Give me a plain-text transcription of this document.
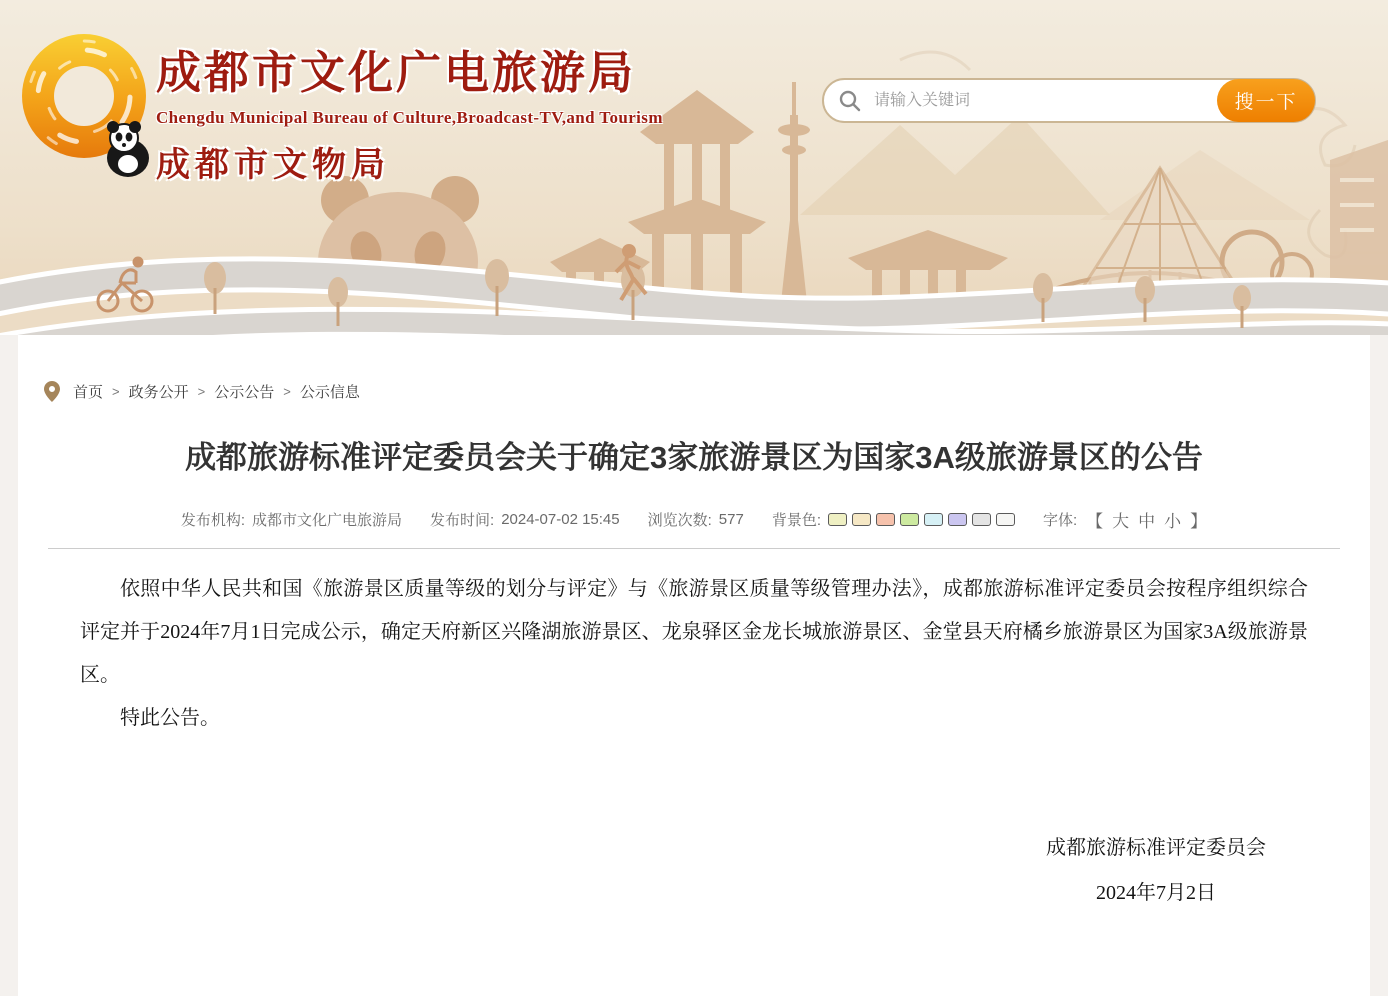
成都市文化广电旅游局
Chengdu Municipal Bureau of Culture,Broadcast-TV,and Tourism
成都市文物局
请输入关键词
搜一下
首页 > 政务公开 > 公示公告 > 公示信息
成都旅游标准评定委员会关于确定3家旅游景区为国家3A级旅游景区的公告
发布机构: 成都市文化广电旅游局 发布时间: 2024-07-02 15:45 浏览次数: 577 背景色:	字体: 【 大 中 小 】

依照中华人民共和国《旅游景区质量等级的划分与评定》与《旅游景区质量等级管理办法》，成都旅游标准评定委员会按程序组织综合评定并于2024年7月1日完成公示，确定天府新区兴隆湖旅游景区、龙泉驿区金龙长城旅游景区、金堂县天府橘乡旅游景区为国家3A级旅游景区。

特此公告。

成都旅游标准评定委员会
2024年7月2日
